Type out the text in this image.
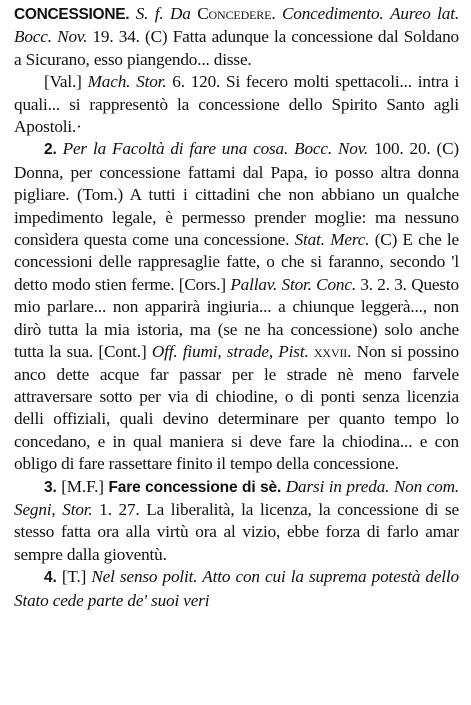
CONCESSIONE. S. f. Da Concedere. Concedimento. Aureo lat. Bocc. Nov. 19. 34. (C) Fatta adunque la concessione dal Soldano a Sicurano, esso piangendo... disse.

[Val.] Mach. Stor. 6. 120. Si fecero molti spettacoli... intra i quali... si rappresentò la concessione dello Spirito Santo agli Apostoli.·

2. Per la Facoltà di fare una cosa. Bocc. Nov. 100. 20. (C) Donna, per concessione fattami dal Papa, io posso altra donna pigliare. (Tom.) A tutti i cittadini che non abbiano un qualche impedimento legale, è permesso prender moglie: ma nessuno consìdera questa come una concessione. Stat. Merc. (C) E che le concessioni delle rappresaglie fatte, o che si faranno, secondo 'l detto modo stien ferme. [Cors.] Pallav. Stor. Conc. 3. 2. 3. Questo mio parlare... non apparirà ingiuria... a chiunque leggerà..., non dirò tutta la mia istoria, ma (se ne ha concessione) solo anche tutta la sua. [Cont.] Off. fiumi, strade, Pist. xxvii. Non si possino anco dette acque far passar per le strade nè meno farvele attraversare sotto per via di chiodine, o di ponti senza licenzia delli offiziali, quali devino determinare per quanto tempo lo concedano, e in qual maniera si deve fare la chiodina... e con obligo di fare rassettare finito il tempo della concessione.

3. [M.F.] Fare concessione di sè. Darsi in preda. Non com. Segni, Stor. 1. 27. La liberalità, la licenza, la concessione di se stesso fatta ora alla virtù ora al vizio, ebbe forza di farlo amar sempre dalla gioventù.

4. [T.] Nel senso polit. Atto con cui la suprema potestà dello Stato cede parte de' suoi veri
